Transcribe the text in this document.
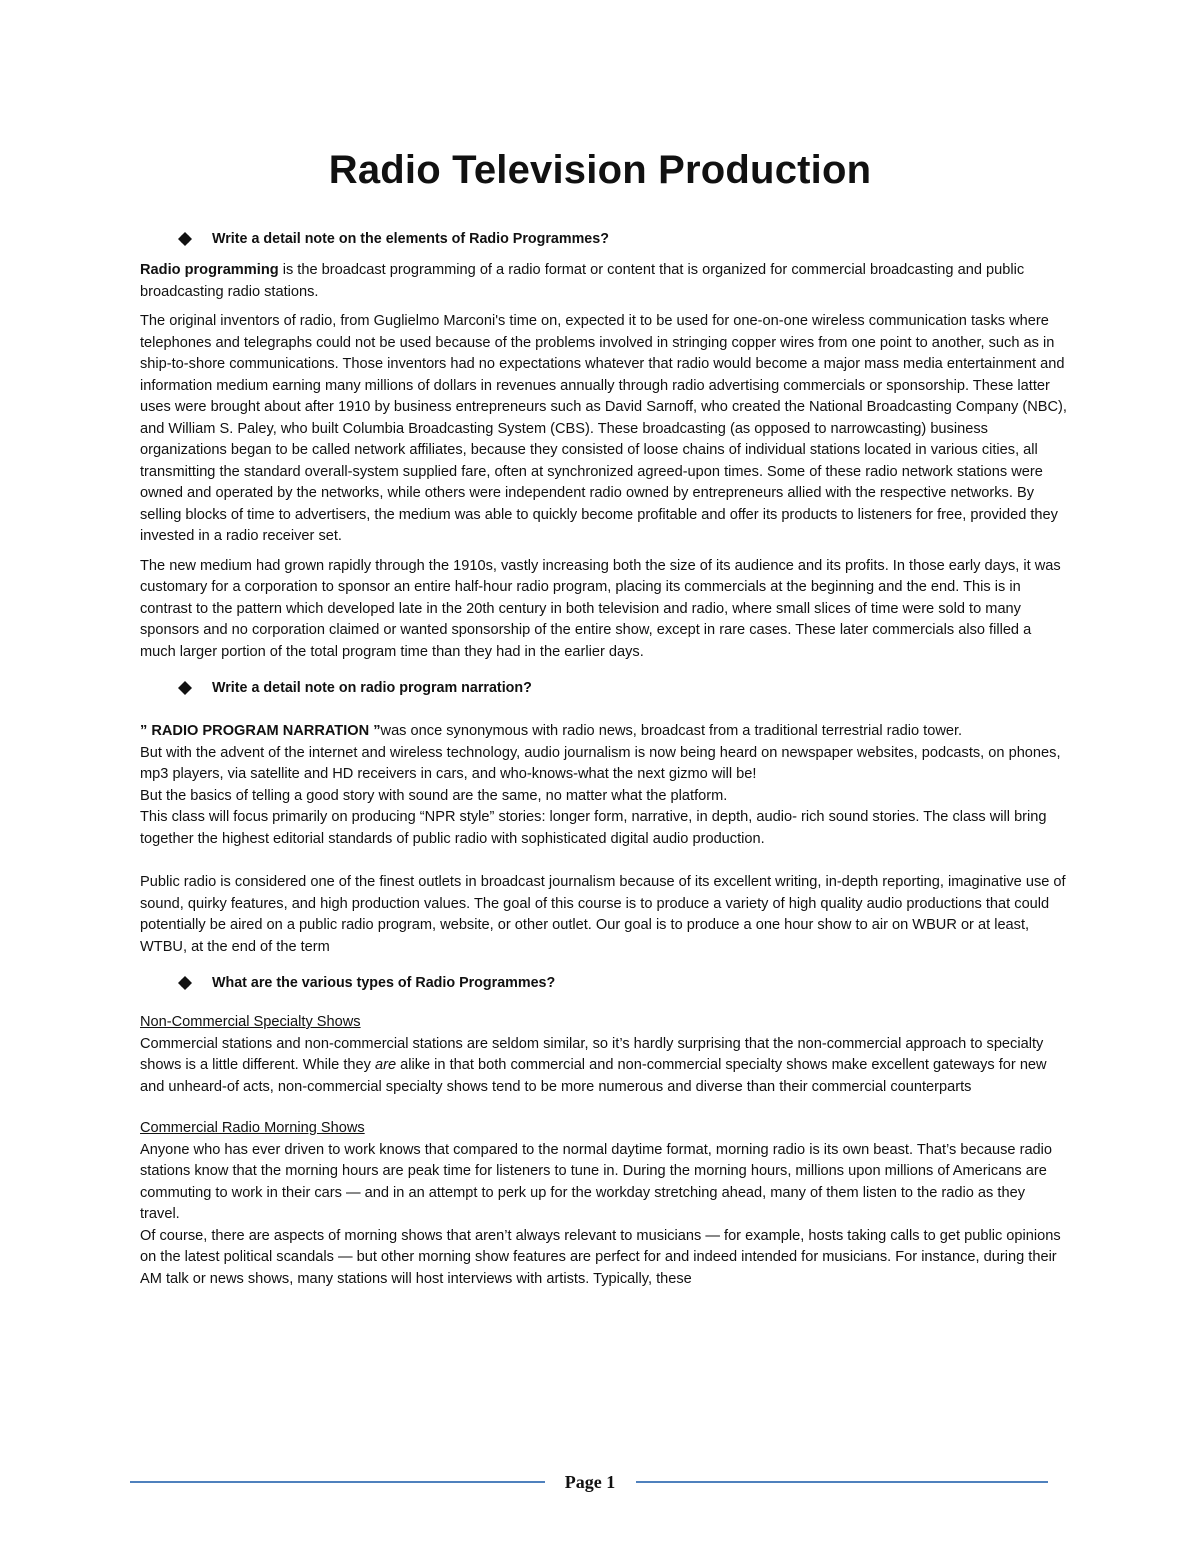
Radio Television Production
Write a detail note on the elements of Radio Programmes?

Radio programming is the broadcast programming of a radio format or content that is organized for commercial broadcasting and public broadcasting radio stations.

The original inventors of radio, from Guglielmo Marconi's time on, expected it to be used for one-on-one wireless communication tasks where telephones and telegraphs could not be used because of the problems involved in stringing copper wires from one point to another, such as in ship-to-shore communications. Those inventors had no expectations whatever that radio would become a major mass media entertainment and information medium earning many millions of dollars in revenues annually through radio advertising commercials or sponsorship. These latter uses were brought about after 1910 by business entrepreneurs such as David Sarnoff, who created the National Broadcasting Company (NBC), and William S. Paley, who built Columbia Broadcasting System (CBS). These broadcasting (as opposed to narrowcasting) business organizations began to be called network affiliates, because they consisted of loose chains of individual stations located in various cities, all transmitting the standard overall-system supplied fare, often at synchronized agreed-upon times. Some of these radio network stations were owned and operated by the networks, while others were independent radio owned by entrepreneurs allied with the respective networks. By selling blocks of time to advertisers, the medium was able to quickly become profitable and offer its products to listeners for free, provided they invested in a radio receiver set.

The new medium had grown rapidly through the 1910s, vastly increasing both the size of its audience and its profits. In those early days, it was customary for a corporation to sponsor an entire half-hour radio program, placing its commercials at the beginning and the end. This is in contrast to the pattern which developed late in the 20th century in both television and radio, where small slices of time were sold to many sponsors and no corporation claimed or wanted sponsorship of the entire show, except in rare cases. These later commercials also filled a much larger portion of the total program time than they had in the earlier days.

Write a detail note on radio program narration?

” RADIO PROGRAM NARRATION ”was once synonymous with radio news, broadcast from a traditional terrestrial radio tower.

But with the advent of the internet and wireless technology, audio journalism is now being heard on newspaper websites, podcasts, on phones, mp3 players, via satellite and HD receivers in cars, and who-knows-what the next gizmo will be!

But the basics of telling a good story with sound are the same, no matter what the platform.

This class will focus primarily on producing “NPR style” stories: longer form, narrative, in depth, audio- rich sound stories. The class will bring together the highest editorial standards of public radio with sophisticated digital audio production.

Public radio is considered one of the finest outlets in broadcast journalism because of its excellent writing, in-depth reporting, imaginative use of sound, quirky features, and high production values. The goal of this course is to produce a variety of high quality audio productions that could potentially be aired on a public radio program, website, or other outlet. Our goal is to produce a one hour show to air on WBUR or at least, WTBU, at the end of the term

What are the various types of Radio Programmes?

Non-Commercial Specialty Shows

Commercial stations and non-commercial stations are seldom similar, so it’s hardly surprising that the non-commercial approach to specialty shows is a little different. While they are alike in that both commercial and non-commercial specialty shows make excellent gateways for new and unheard-of acts, non-commercial specialty shows tend to be more numerous and diverse than their commercial counterparts

Commercial Radio Morning Shows

Anyone who has ever driven to work knows that compared to the normal daytime format, morning radio is its own beast. That’s because radio stations know that the morning hours are peak time for listeners to tune in. During the morning hours, millions upon millions of Americans are commuting to work in their cars — and in an attempt to perk up for the workday stretching ahead, many of them listen to the radio as they travel.

Of course, there are aspects of morning shows that aren’t always relevant to musicians — for example, hosts taking calls to get public opinions on the latest political scandals — but other morning show features are perfect for and indeed intended for musicians. For instance, during their AM talk or news shows, many stations will host interviews with artists. Typically, these

Page 1
